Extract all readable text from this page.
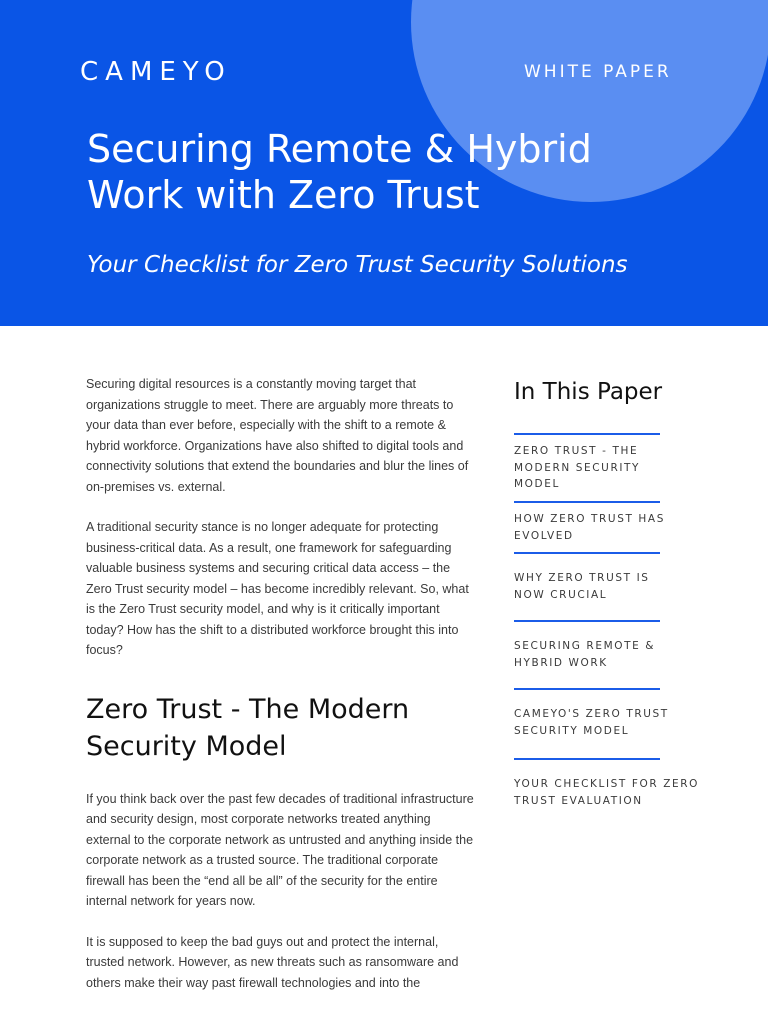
CAMEYO	WHITE PAPER
Securing Remote & Hybrid Work with Zero Trust

Your Checklist for Zero Trust Security Solutions

Securing digital resources is a constantly moving target that organizations struggle to meet. There are arguably more threats to your data than ever before, especially with the shift to a remote & hybrid workforce. Organizations have also shifted to digital tools and connectivity solutions that extend the boundaries and blur the lines of on-premises vs. external.

A traditional security stance is no longer adequate for protecting business-critical data. As a result, one framework for safeguarding valuable business systems and securing critical data access – the Zero Trust security model – has become incredibly relevant. So, what is the Zero Trust security model, and why is it critically important today? How has the shift to a distributed workforce brought this into focus?

Zero Trust - The Modern Security Model

If you think back over the past few decades of traditional infrastructure and security design, most corporate networks treated anything external to the corporate network as untrusted and anything inside the corporate network as a trusted source. The traditional corporate firewall has been the “end all be all” of the security for the entire internal network for years now.

It is supposed to keep the bad guys out and protect the internal, trusted network. However, as new threats such as ransomware and others make their way past firewall technologies and into the

In This Paper
ZERO TRUST - THE MODERN SECURITY MODEL
HOW ZERO TRUST HAS EVOLVED
WHY ZERO TRUST IS NOW CRUCIAL
SECURING REMOTE & HYBRID WORK
CAMEYO'S ZERO TRUST SECURITY MODEL
YOUR CHECKLIST FOR ZERO TRUST EVALUATION
